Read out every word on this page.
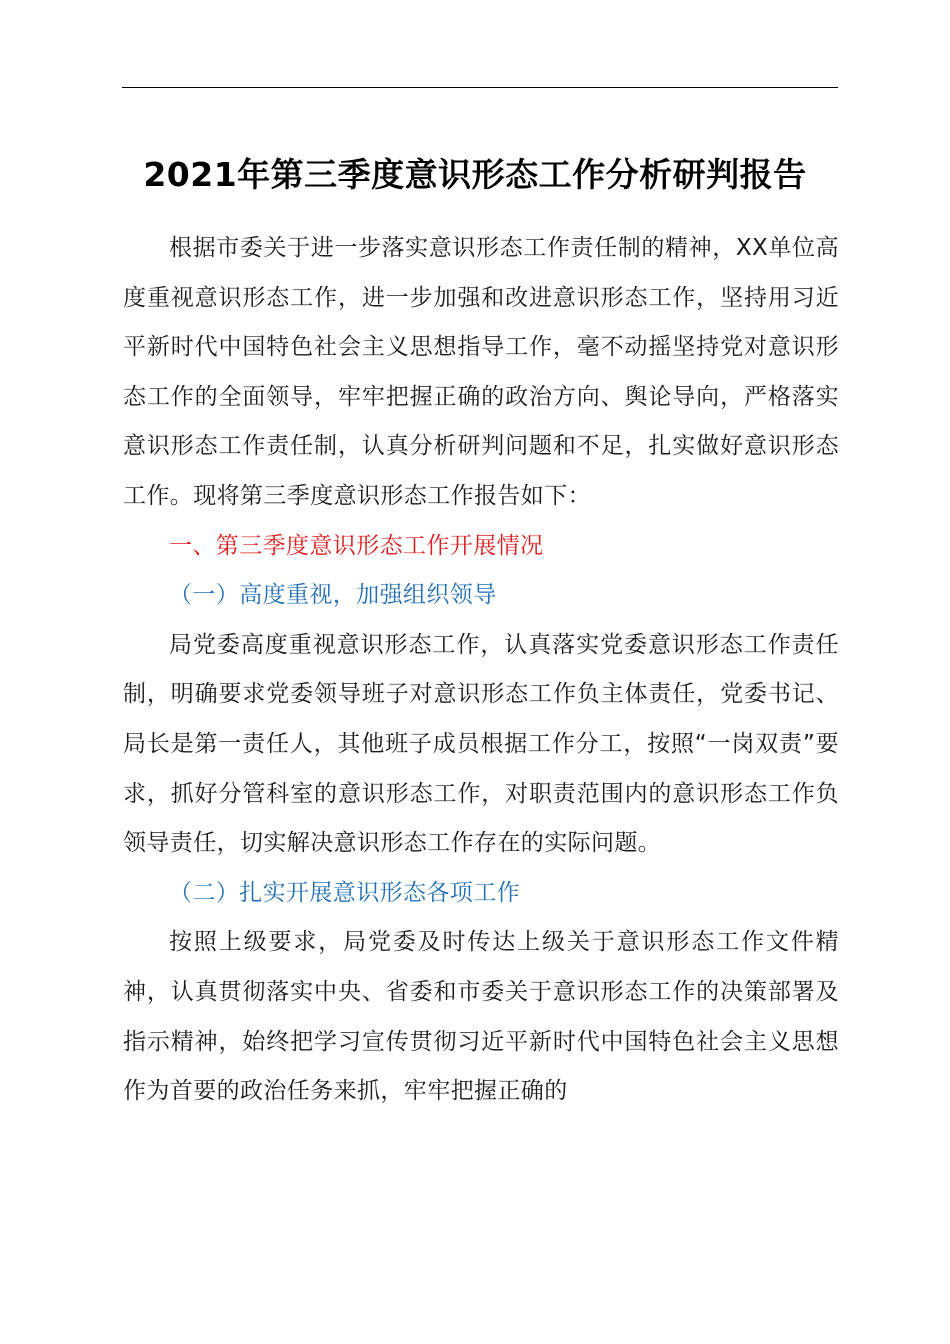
2021年第三季度意识形态工作分析研判报告

根据市委关于进一步落实意识形态工作责任制的精神，XX单位高度重视意识形态工作，进一步加强和改进意识形态工作，坚持用习近平新时代中国特色社会主义思想指导工作，毫不动摇坚持党对意识形态工作的全面领导，牢牢把握正确的政治方向、舆论导向，严格落实意识形态工作责任制，认真分析研判问题和不足，扎实做好意识形态工作。现将第三季度意识形态工作报告如下：

一、第三季度意识形态工作开展情况

（一）高度重视，加强组织领导

局党委高度重视意识形态工作，认真落实党委意识形态工作责任制，明确要求党委领导班子对意识形态工作负主体责任，党委书记、局长是第一责任人，其他班子成员根据工作分工，按照“一岗双责”要求，抓好分管科室的意识形态工作，对职责范围内的意识形态工作负领导责任，切实解决意识形态工作存在的实际问题。

（二）扎实开展意识形态各项工作

按照上级要求，局党委及时传达上级关于意识形态工作文件精神，认真贯彻落实中央、省委和市委关于意识形态工作的决策部署及指示精神，始终把学习宣传贯彻习近平新时代中国特色社会主义思想作为首要的政治任务来抓，牢牢把握正确的
